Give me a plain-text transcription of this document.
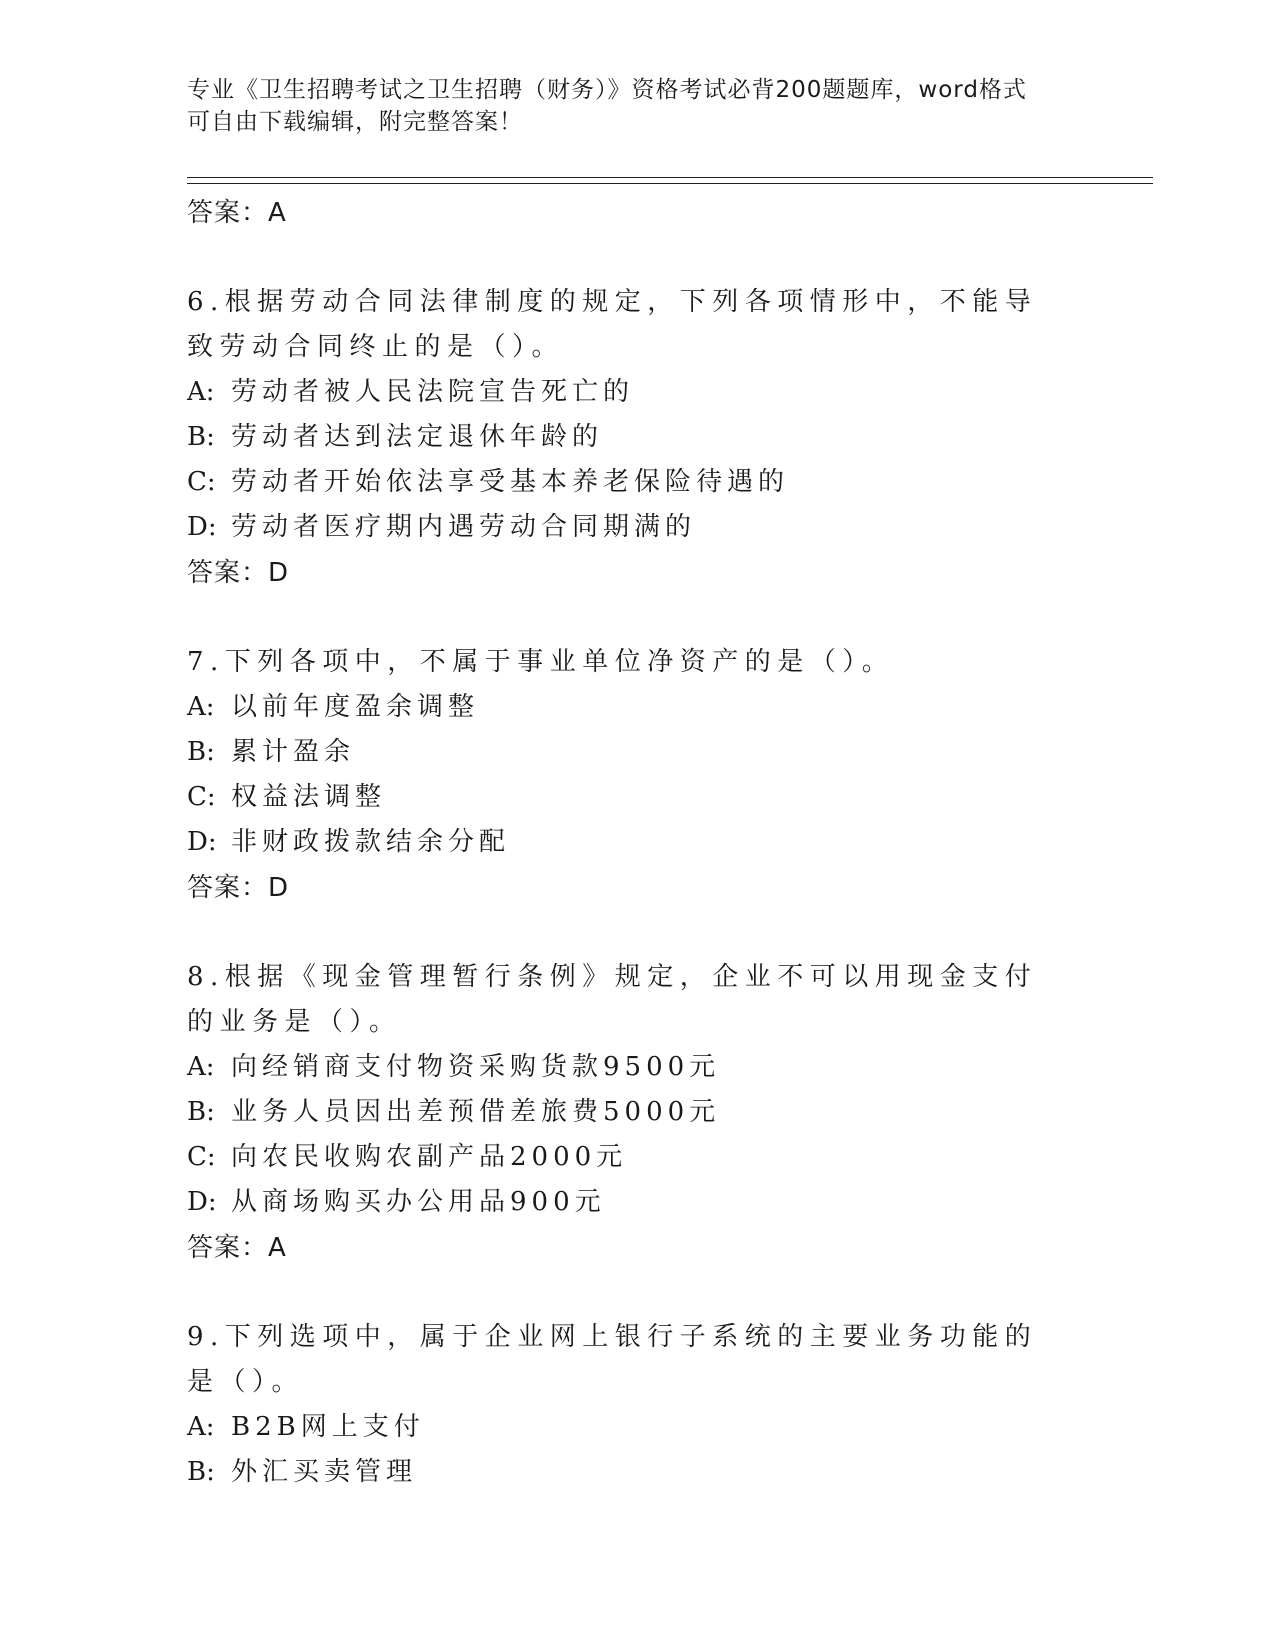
专业《卫生招聘考试之卫生招聘（财务）》资格考试必背200题题库，word格式
可自由下载编辑，附完整答案！
答案：A
6.根据劳动合同法律制度的规定，下列各项情形中，不能导致劳动合同终止的是（）。
A: 劳动者被人民法院宣告死亡的
B: 劳动者达到法定退休年龄的
C: 劳动者开始依法享受基本养老保险待遇的
D: 劳动者医疗期内遇劳动合同期满的
答案：D
7.下列各项中，不属于事业单位净资产的是（）。
A: 以前年度盈余调整
B: 累计盈余
C: 权益法调整
D: 非财政拨款结余分配
答案：D
8.根据《现金管理暂行条例》规定，企业不可以用现金支付的业务是（）。
A: 向经销商支付物资采购货款9500元
B: 业务人员因出差预借差旅费5000元
C: 向农民收购农副产品2000元
D: 从商场购买办公用品900元
答案：A
9.下列选项中，属于企业网上银行子系统的主要业务功能的是（）。
A: B2B网上支付
B: 外汇买卖管理
